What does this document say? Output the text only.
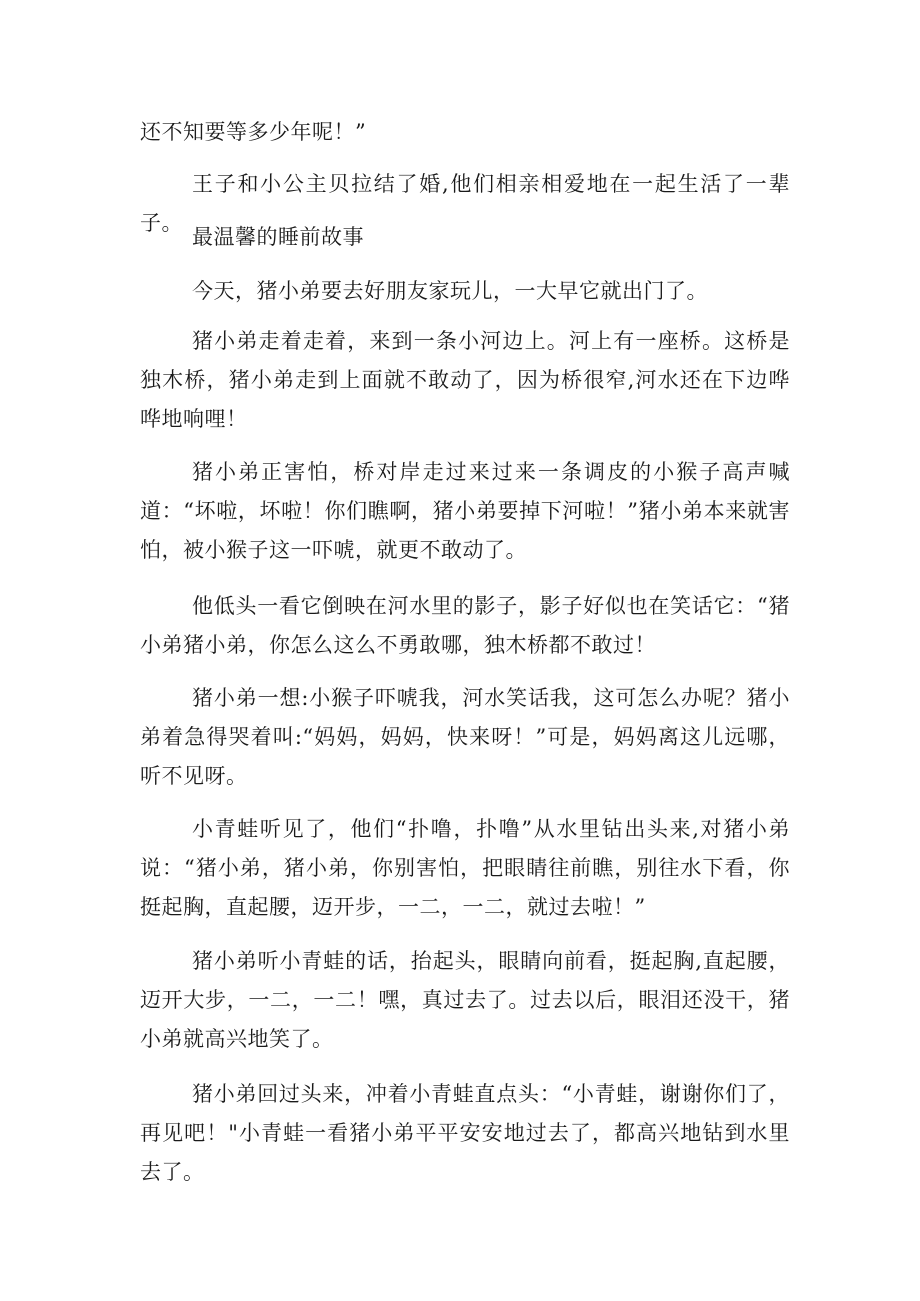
还不知要等多少年呢！”

王子和小公主贝拉结了婚,他们相亲相爱地在一起生活了一辈子。

最温馨的睡前故事

今天，猪小弟要去好朋友家玩儿，一大早它就出门了。

猪小弟走着走着，来到一条小河边上。河上有一座桥。这桥是独木桥，猪小弟走到上面就不敢动了，因为桥很窄,河水还在下边哗哗地响哩！

猪小弟正害怕，桥对岸走过来过来一条调皮的小猴子高声喊道：“坏啦，坏啦！你们瞧啊，猪小弟要掉下河啦！”猪小弟本来就害怕，被小猴子这一吓唬，就更不敢动了。

他低头一看它倒映在河水里的影子，影子好似也在笑话它：“猪小弟猪小弟，你怎么这么不勇敢哪，独木桥都不敢过！

猪小弟一想:小猴子吓唬我，河水笑话我，这可怎么办呢？猪小弟着急得哭着叫:“妈妈，妈妈，快来呀！”可是，妈妈离这儿远哪，听不见呀。

小青蛙听见了，他们“扑噜，扑噜”从水里钻出头来,对猪小弟说：“猪小弟，猪小弟，你别害怕，把眼睛往前瞧，别往水下看，你挺起胸，直起腰，迈开步，一二，一二，就过去啦！”

猪小弟听小青蛙的话，抬起头，眼睛向前看，挺起胸,直起腰，迈开大步，一二，一二！嘿，真过去了。过去以后，眼泪还没干，猪小弟就高兴地笑了。

猪小弟回过头来，冲着小青蛙直点头：“小青蛙，谢谢你们了，再见吧！"小青蛙一看猪小弟平平安安地过去了，都高兴地钻到水里去了。
